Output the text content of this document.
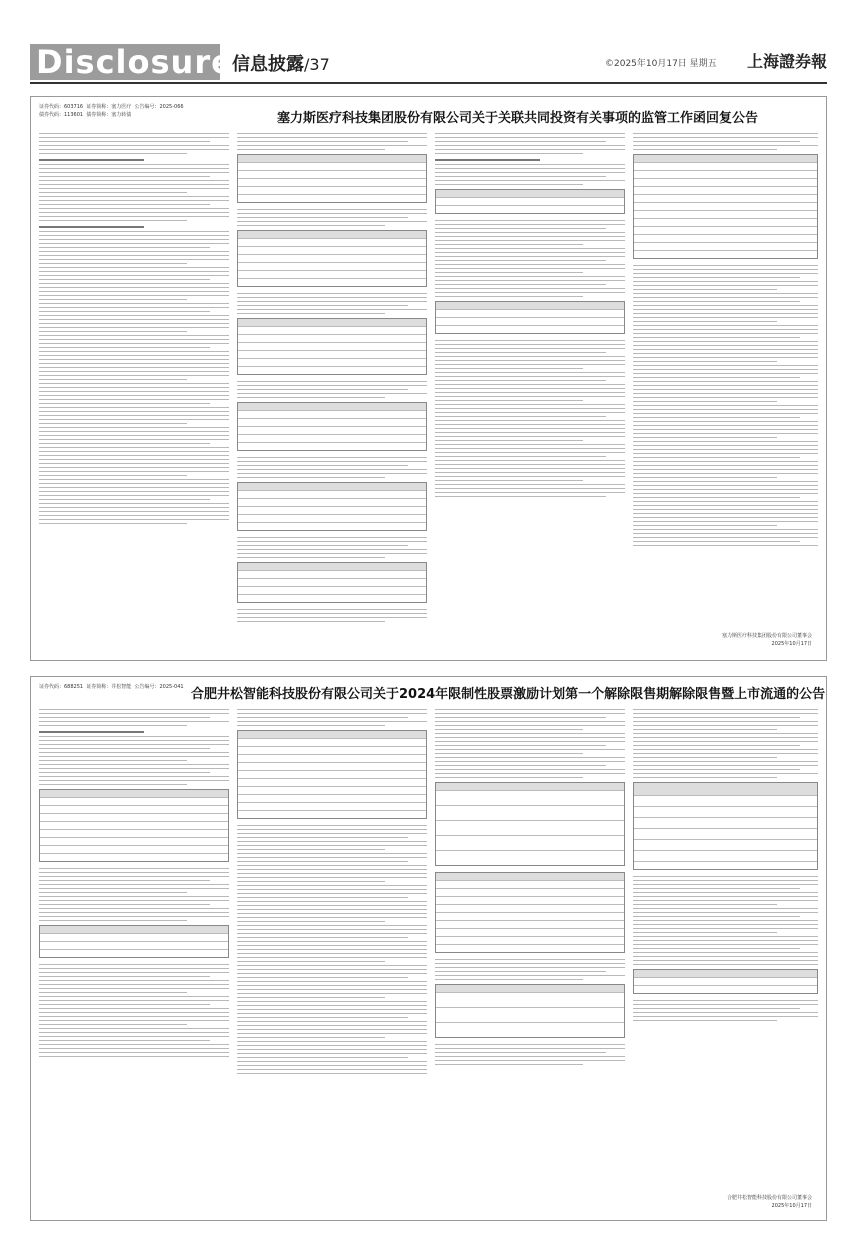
Disclosure
信息披露/37	©2025年10月17日 星期五 上海證券報
证券代码：603716 证券简称：塞力医疗 公告编号：2025-066
债券代码：113601 债券简称：塞力转债	塞力斯医疗科技集团股份有限公司关于关联共同投资有关事项的监管工作函回复公告
塞力斯医疗科技集团股份有限公司董事会
2025年10月17日
证券代码：688251 证券简称：井松智能 公告编号：2025-041 合肥井松智能科技股份有限公司关于2024年限制性股票激励计划第一个解除限售期解除限售暨上市流通的公告
合肥井松智能科技股份有限公司董事会
2025年10月17日
